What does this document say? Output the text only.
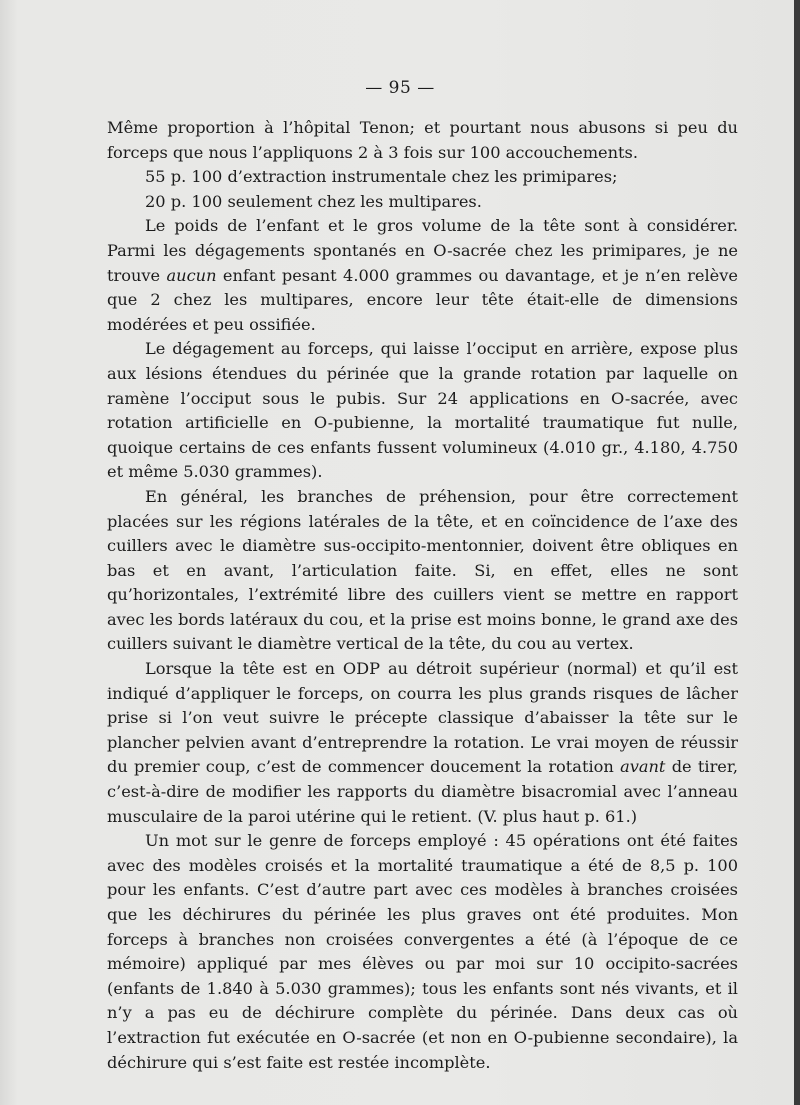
— 95 —

Même proportion à l’hôpital Tenon; et pourtant nous abusons si peu du forceps que nous l’appliquons 2 à 3 fois sur 100 accouchements.

55 p. 100 d’extraction instrumentale chez les primipares;

20 p. 100 seulement chez les multipares.

Le poids de l’enfant et le gros volume de la tête sont à considérer. Parmi les dégagements spontanés en O-sacrée chez les primipares, je ne trouve aucun enfant pesant 4.000 grammes ou davantage, et je n’en relève que 2 chez les multipares, encore leur tête était-elle de dimensions modérées et peu ossifiée.

Le dégagement au forceps, qui laisse l’occiput en arrière, expose plus aux lésions étendues du périnée que la grande rotation par laquelle on ramène l’occiput sous le pubis. Sur 24 applications en O-sacrée, avec rotation artificielle en O-pubienne, la mortalité traumatique fut nulle, quoique certains de ces enfants fussent volumineux (4.010 gr., 4.180, 4.750 et même 5.030 grammes).

En général, les branches de préhension, pour être correctement placées sur les régions latérales de la tête, et en coïncidence de l’axe des cuillers avec le diamètre sus-occipito-mentonnier, doivent être obliques en bas et en avant, l’articulation faite. Si, en effet, elles ne sont qu’horizontales, l’extrémité libre des cuillers vient se mettre en rapport avec les bords latéraux du cou, et la prise est moins bonne, le grand axe des cuillers suivant le diamètre vertical de la tête, du cou au vertex.

Lorsque la tête est en ODP au détroit supérieur (normal) et qu’il est indiqué d’appliquer le forceps, on courra les plus grands risques de lâcher prise si l’on veut suivre le précepte classique d’abaisser la tête sur le plancher pelvien avant d’entreprendre la rotation. Le vrai moyen de réussir du premier coup, c’est de commencer doucement la rotation avant de tirer, c’est-à-dire de modifier les rapports du diamètre bisacromial avec l’anneau musculaire de la paroi utérine qui le retient. (V. plus haut p. 61.)

Un mot sur le genre de forceps employé : 45 opérations ont été faites avec des modèles croisés et la mortalité traumatique a été de 8,5 p. 100 pour les enfants. C’est d’autre part avec ces modèles à branches croisées que les déchirures du périnée les plus graves ont été produites. Mon forceps à branches non croisées convergentes a été (à l’époque de ce mémoire) appliqué par mes élèves ou par moi sur 10 occipito-sacrées (enfants de 1.840 à 5.030 grammes); tous les enfants sont nés vivants, et il n’y a pas eu de déchirure complète du périnée. Dans deux cas où l’extraction fut exécutée en O-sacrée (et non en O-pubienne secondaire), la déchirure qui s’est faite est restée incomplète.
